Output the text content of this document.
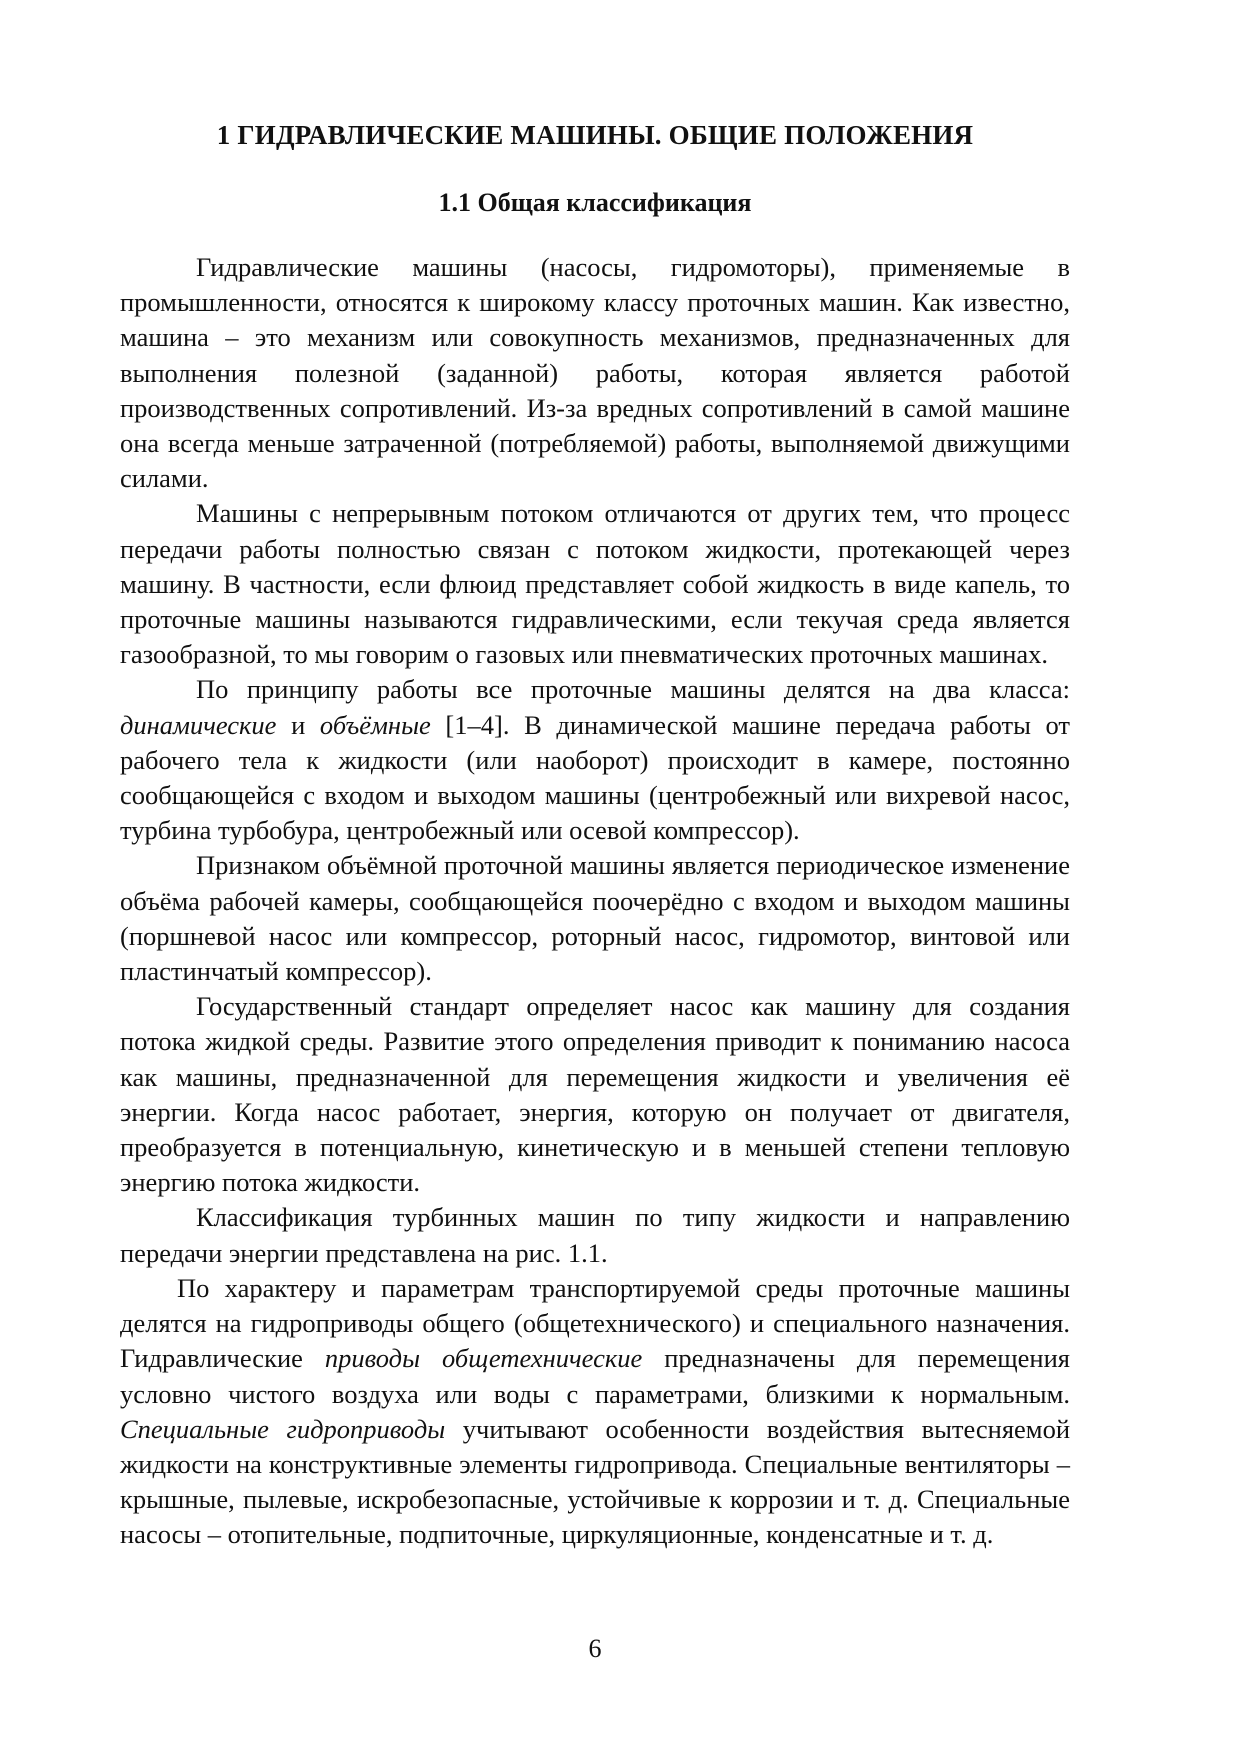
1 ГИДРАВЛИЧЕСКИЕ МАШИНЫ. ОБЩИЕ ПОЛОЖЕНИЯ
1.1 Общая классификация

Гидравлические машины (насосы, гидромоторы), применяемые в промышленности, относятся к широкому классу проточных машин. Как известно, машина – это механизм или совокупность механизмов, предназначенных для выполнения полезной (заданной) работы, которая является работой производственных сопротивлений. Из-за вредных сопротивлений в самой машине она всегда меньше затраченной (потребляемой) работы, выполняемой движущими силами.

Машины с непрерывным потоком отличаются от других тем, что процесс передачи работы полностью связан с потоком жидкости, протекающей через машину. В частности, если флюид представляет собой жидкость в виде капель, то проточные машины называются гидравлическими, если текучая среда является газообразной, то мы говорим о газовых или пневматических проточных машинах.

По принципу работы все проточные машины делятся на два класса: динамические и объёмные [1–4]. В динамической машине передача работы от рабочего тела к жидкости (или наоборот) происходит в камере, постоянно сообщающейся с входом и выходом машины (центробежный или вихревой насос, турбина турбобура, центробежный или осевой компрессор).

Признаком объёмной проточной машины является периодическое изменение объёма рабочей камеры, сообщающейся поочерёдно с входом и выходом машины (поршневой насос или компрессор, роторный насос, гидромотор, винтовой или пластинчатый компрессор).

Государственный стандарт определяет насос как машину для создания потока жидкой среды. Развитие этого определения приводит к пониманию насоса как машины, предназначенной для перемещения жидкости и увеличения её энергии. Когда насос работает, энергия, которую он получает от двигателя, преобразуется в потенциальную, кинетическую и в меньшей степени тепловую энергию потока жидкости.

Классификация турбинных машин по типу жидкости и направлению передачи энергии представлена на рис. 1.1.

По характеру и параметрам транспортируемой среды проточные машины делятся на гидроприводы общего (общетехнического) и специального назначения. Гидравлические приводы общетехнические предназначены для перемещения условно чистого воздуха или воды с параметрами, близкими к нормальным. Специальные гидроприводы учитывают особенности воздействия вытесняемой жидкости на конструктивные элементы гидропривода. Специальные вентиляторы – крышные, пылевые, искробезопасные, устойчивые к коррозии и т. д. Специальные насосы – отопительные, подпиточные, циркуляционные, конденсатные и т. д.

6
